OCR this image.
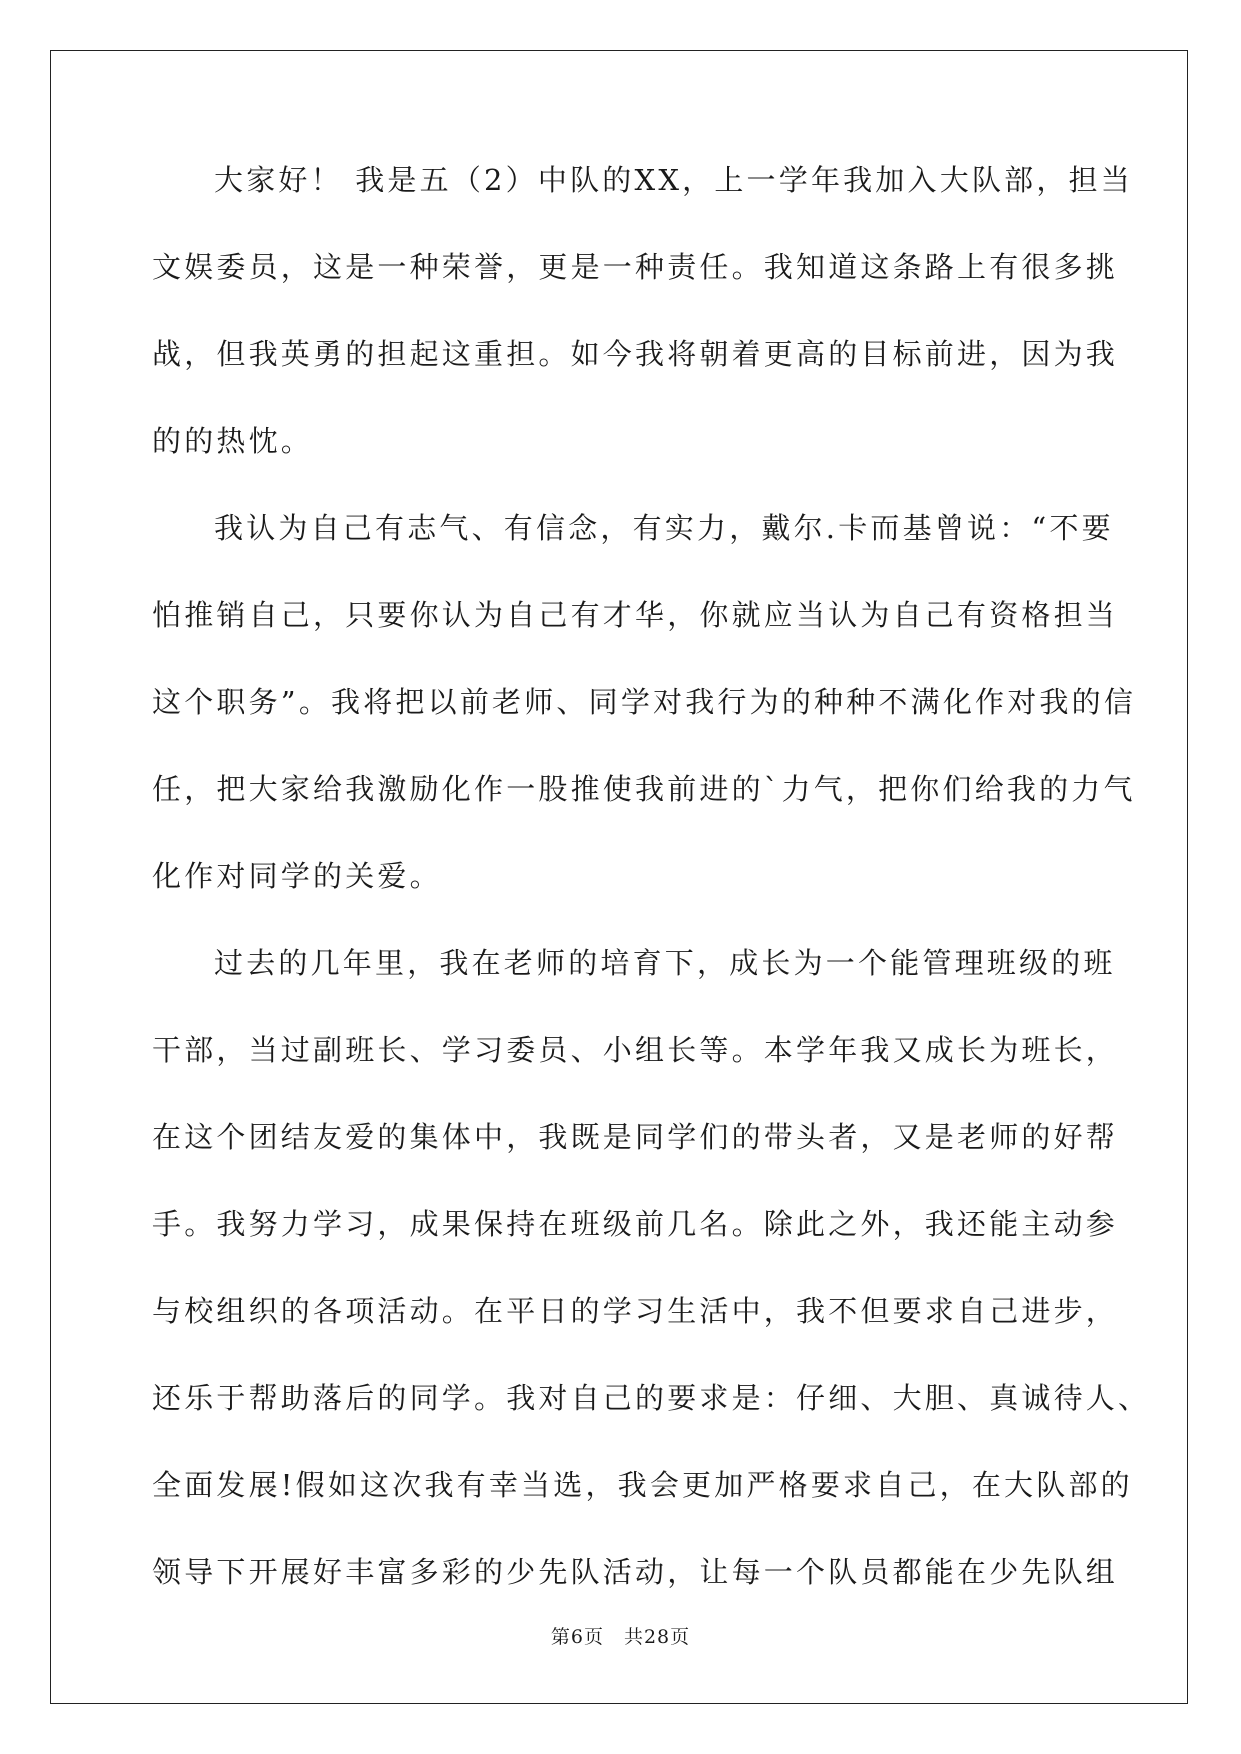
大家好！ 我是五（2）中队的XX，上一学年我加入大队部，担当
文娱委员，这是一种荣誉，更是一种责任。我知道这条路上有很多挑
战，但我英勇的担起这重担。如今我将朝着更高的目标前进，因为我
的的热忱。
我认为自己有志气、有信念，有实力，戴尔.卡而基曾说：“不要
怕推销自己，只要你认为自己有才华，你就应当认为自己有资格担当
这个职务”。我将把以前老师、同学对我行为的种种不满化作对我的信
任，把大家给我激励化作一股推使我前进的`力气，把你们给我的力气
化作对同学的关爱。
过去的几年里，我在老师的培育下，成长为一个能管理班级的班
干部，当过副班长、学习委员、小组长等。本学年我又成长为班长，
在这个团结友爱的集体中，我既是同学们的带头者，又是老师的好帮
手。我努力学习，成果保持在班级前几名。除此之外，我还能主动参
与校组织的各项活动。在平日的学习生活中，我不但要求自己进步，
还乐于帮助落后的同学。我对自己的要求是：仔细、大胆、真诚待人、
全面发展!假如这次我有幸当选，我会更加严格要求自己，在大队部的
领导下开展好丰富多彩的少先队活动，让每一个队员都能在少先队组
第6页 共28页
